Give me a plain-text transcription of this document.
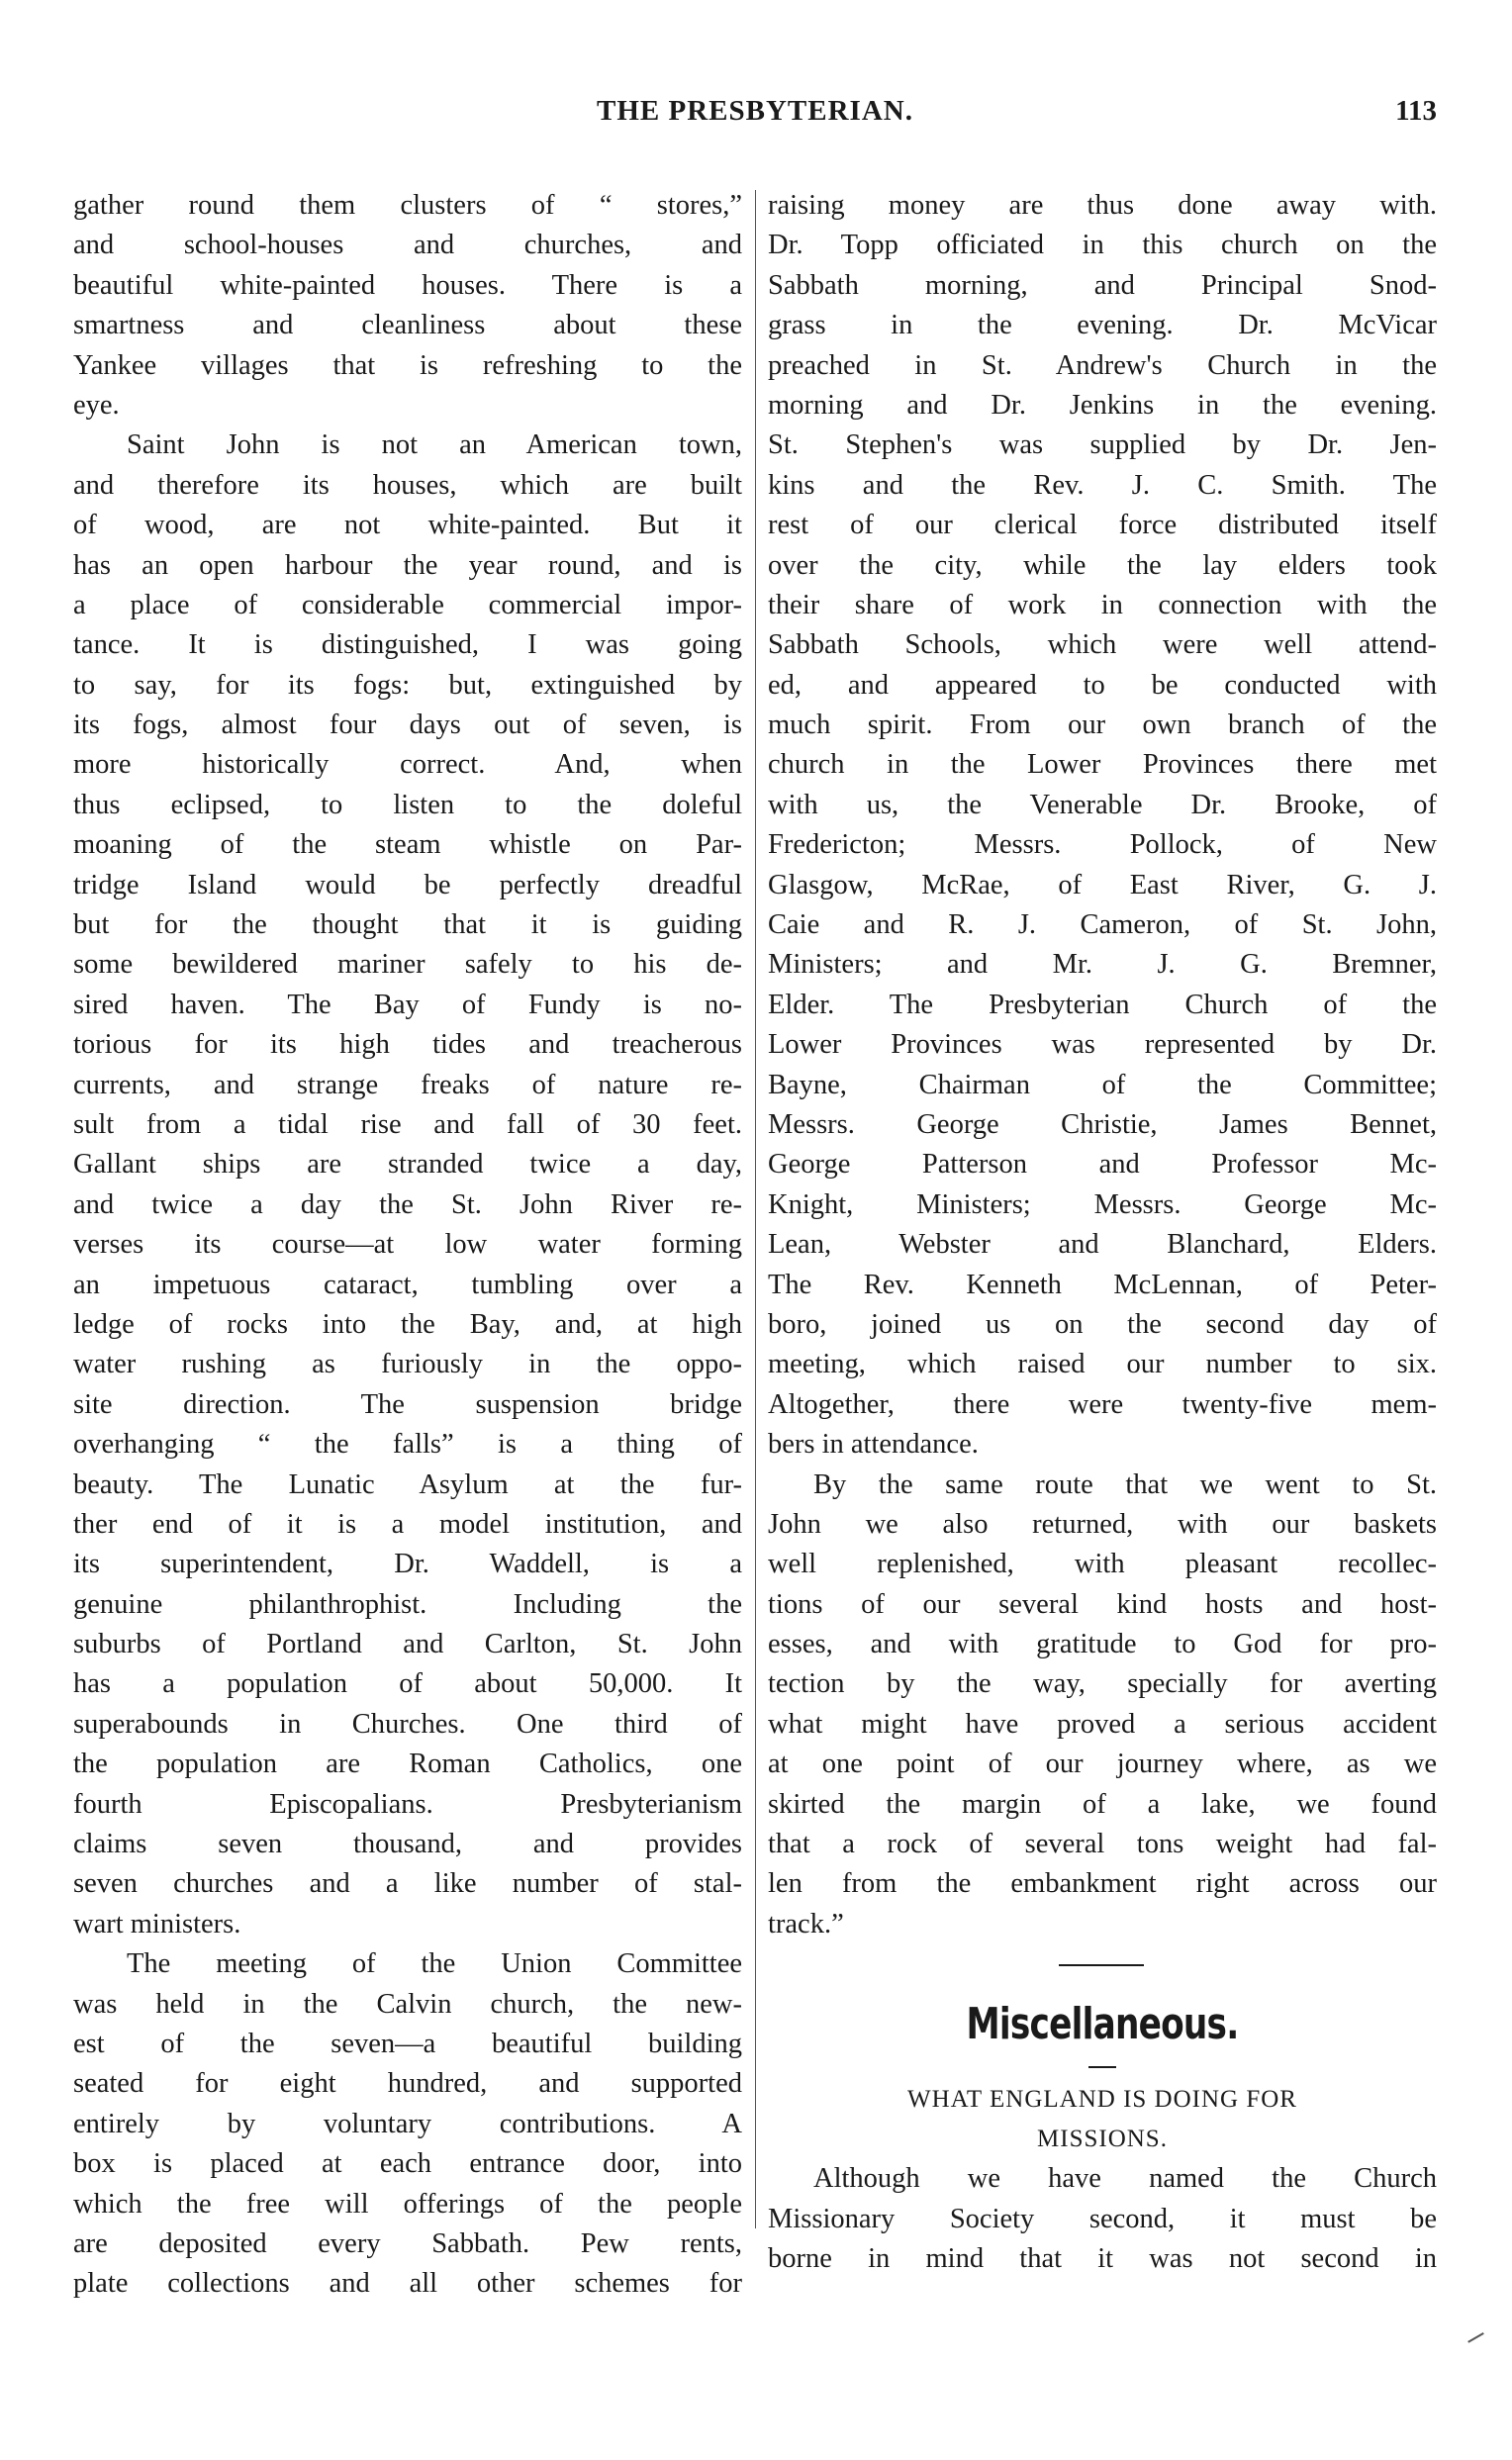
THE PRESBYTERIAN.	113
gather round them clusters of “ stores,”
and school-houses and churches, and
beautiful white-painted houses. There is a
smartness and cleanliness about these
Yankee villages that is refreshing to the
eye.
Saint John is not an American town,
and therefore its houses, which are built
of wood, are not white-painted. But it
has an open harbour the year round, and is
a place of considerable commercial impor-
tance. It is distinguished, I was going
to say, for its fogs: but, extinguished by
its fogs, almost four days out of seven, is
more historically correct. And, when
thus eclipsed, to listen to the doleful
moaning of the steam whistle on Par-
tridge Island would be perfectly dreadful
but for the thought that it is guiding
some bewildered mariner safely to his de-
sired haven. The Bay of Fundy is no-
torious for its high tides and treacherous
currents, and strange freaks of nature re-
sult from a tidal rise and fall of 30 feet.
Gallant ships are stranded twice a day,
and twice a day the St. John River re-
verses its course—at low water forming
an impetuous cataract, tumbling over a
ledge of rocks into the Bay, and, at high
water rushing as furiously in the oppo-
site direction. The suspension bridge
overhanging “ the falls” is a thing of
beauty. The Lunatic Asylum at the fur-
ther end of it is a model institution, and
its superintendent, Dr. Waddell, is a
genuine philanthrophist. Including the
suburbs of Portland and Carlton, St. John
has a population of about 50,000. It
superabounds in Churches. One third of
the population are Roman Catholics, one
fourth Episcopalians. Presbyterianism
claims seven thousand, and provides
seven churches and a like number of stal-
wart ministers.
The meeting of the Union Committee
was held in the Calvin church, the new-
est of the seven—a beautiful building
seated for eight hundred, and supported
entirely by voluntary contributions. A
box is placed at each entrance door, into
which the free will offerings of the people
are deposited every Sabbath. Pew rents,
plate collections and all other schemes for
raising money are thus done away with.
Dr. Topp officiated in this church on the
Sabbath morning, and Principal Snod-
grass in the evening. Dr. McVicar
preached in St. Andrew's Church in the
morning and Dr. Jenkins in the evening.
St. Stephen's was supplied by Dr. Jen-
kins and the Rev. J. C. Smith. The
rest of our clerical force distributed itself
over the city, while the lay elders took
their share of work in connection with the
Sabbath Schools, which were well attend-
ed, and appeared to be conducted with
much spirit. From our own branch of the
church in the Lower Provinces there met
with us, the Venerable Dr. Brooke, of
Fredericton; Messrs. Pollock, of New
Glasgow, McRae, of East River, G. J.
Caie and R. J. Cameron, of St. John,
Ministers; and Mr. J. G. Bremner,
Elder. The Presbyterian Church of the
Lower Provinces was represented by Dr.
Bayne, Chairman of the Committee;
Messrs. George Christie, James Bennet,
George Patterson and Professor Mc-
Knight, Ministers; Messrs. George Mc-
Lean, Webster and Blanchard, Elders.
The Rev. Kenneth McLennan, of Peter-
boro, joined us on the second day of
meeting, which raised our number to six.
Altogether, there were twenty-five mem-
bers in attendance.
By the same route that we went to St.
John we also returned, with our baskets
well replenished, with pleasant recollec-
tions of our several kind hosts and host-
esses, and with gratitude to God for pro-
tection by the way, specially for averting
what might have proved a serious accident
at one point of our journey where, as we
skirted the margin of a lake, we found
that a rock of several tons weight had fal-
len from the embankment right across our
track.”
Miscellaneous.
WHAT ENGLAND IS DOING FOR
MISSIONS.
Although we have named the Church
Missionary Society second, it must be
borne in mind that it was not second in
